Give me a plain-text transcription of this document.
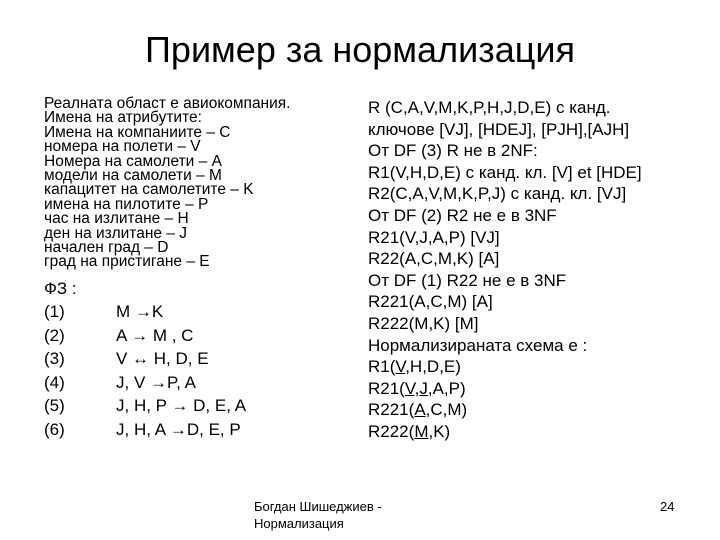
Пример за нормализация
Реалната област е авиокомпания.
Имена на атрибутите:
Имена на компаниите – C
номера на полети – V
Номера на самолети – A
модели на самолети – M
капацитет на самолетите – K
имена на пилотите – P
час на излитане – H
ден на излитане – J
начален град – D
град на пристигане – E
ФЗ :
(1)	M →K
(2)	A → M , C
(3)	V ↔ H, D, E
(4)	J, V →P, A
(5)	J, H, P → D, E, A
(6)	J, H, A →D, E, P
R (C,A,V,M,K,P,H,J,D,E) с канд.
ключове [VJ], [HDEJ], [PJH],[AJH]
От DF (3) R не в 2NF:
R1(V,H,D,E) с канд. кл. [V] et [HDE]
R2(C,A,V,M,K,P,J) с канд. кл. [VJ]
От DF (2) R2 не е в 3NF
R21(V,J,A,P) [VJ]
R22(A,C,M,K) [A]
От DF (1) R22 не е в 3NF
R221(A,C,M) [A]
R222(M,K) [M]
Нормализираната схема е :
R1(V,H,D,E)
R21(V,J,A,P)
R221(A,C,M)
R222(M,K)
Богдан Шишеджиев -
Нормализация
24
